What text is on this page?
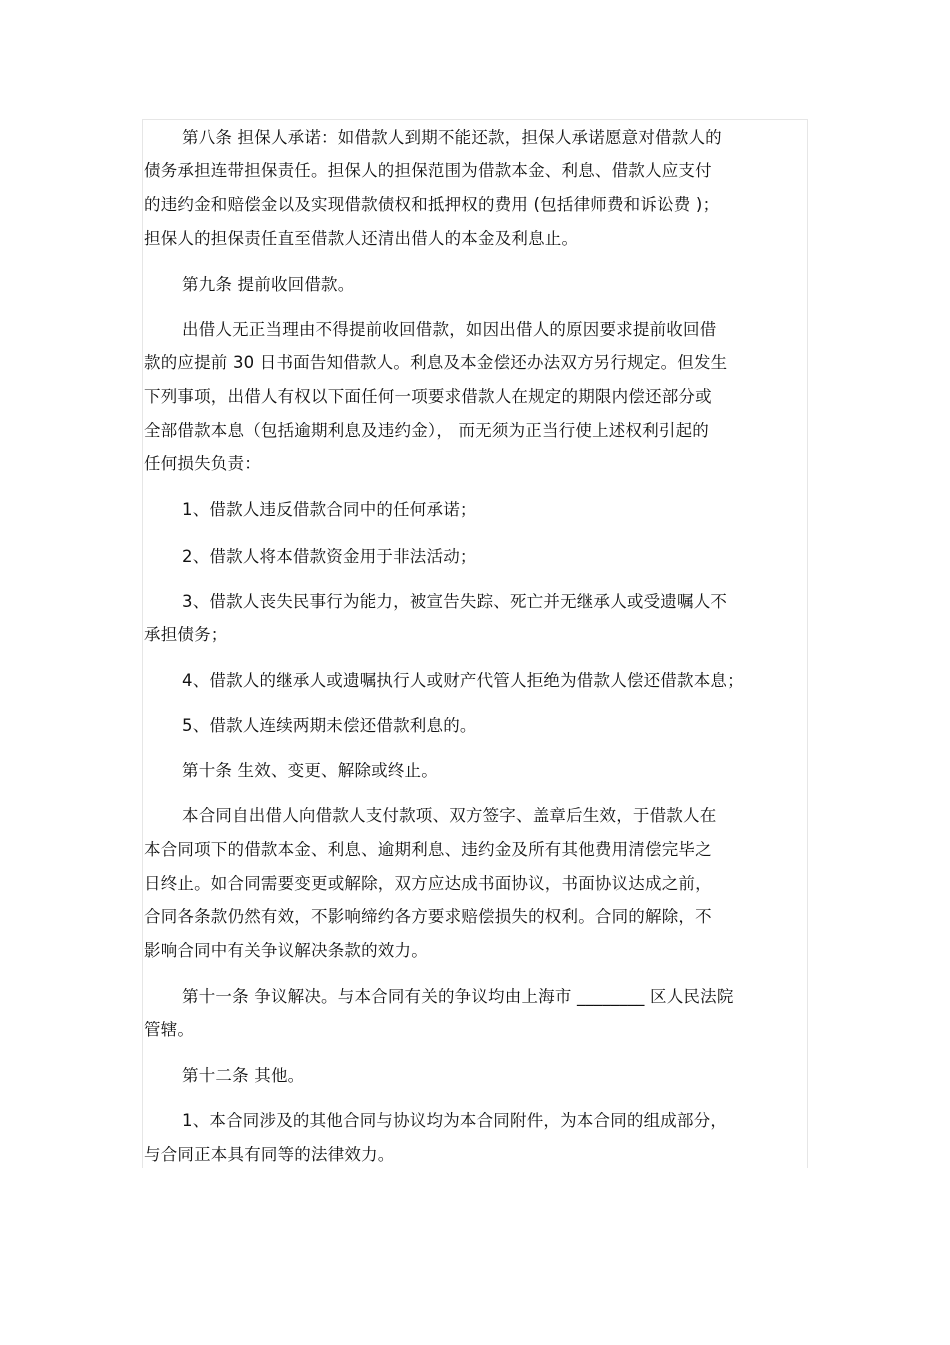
第八条 担保人承诺：如借款人到期不能还款，担保人承诺愿意对借款人的
债务承担连带担保责任。担保人的担保范围为借款本金、利息、借款人应支付
的违约金和赔偿金以及实现借款债权和抵押权的费用 (包括律师费和诉讼费 )；
担保人的担保责任直至借款人还清出借人的本金及利息止。
第九条 提前收回借款。
出借人无正当理由不得提前收回借款，如因出借人的原因要求提前收回借
款的应提前 30 日书面告知借款人。利息及本金偿还办法双方另行规定。但发生
下列事项，出借人有权以下面任何一项要求借款人在规定的期限内偿还部分或
全部借款本息（包括逾期利息及违约金）， 而无须为正当行使上述权利引起的
任何损失负责：
1、借款人违反借款合同中的任何承诺；
2、借款人将本借款资金用于非法活动；
3、借款人丧失民事行为能力，被宣告失踪、死亡并无继承人或受遗嘱人不
承担债务；
4、借款人的继承人或遗嘱执行人或财产代管人拒绝为借款人偿还借款本息；
5、借款人连续两期未偿还借款利息的。
第十条 生效、变更、解除或终止。
本合同自出借人向借款人支付款项、双方签字、盖章后生效，于借款人在
本合同项下的借款本金、利息、逾期利息、违约金及所有其他费用清偿完毕之
日终止。如合同需要变更或解除，双方应达成书面协议，书面协议达成之前，
合同各条款仍然有效，不影响缔约各方要求赔偿损失的权利。合同的解除，不
影响合同中有关争议解决条款的效力。
第十一条 争议解决。与本合同有关的争议均由上海市 ________ 区人民法院
管辖。
第十二条 其他。
1、本合同涉及的其他合同与协议均为本合同附件，为本合同的组成部分，
与合同正本具有同等的法律效力。
